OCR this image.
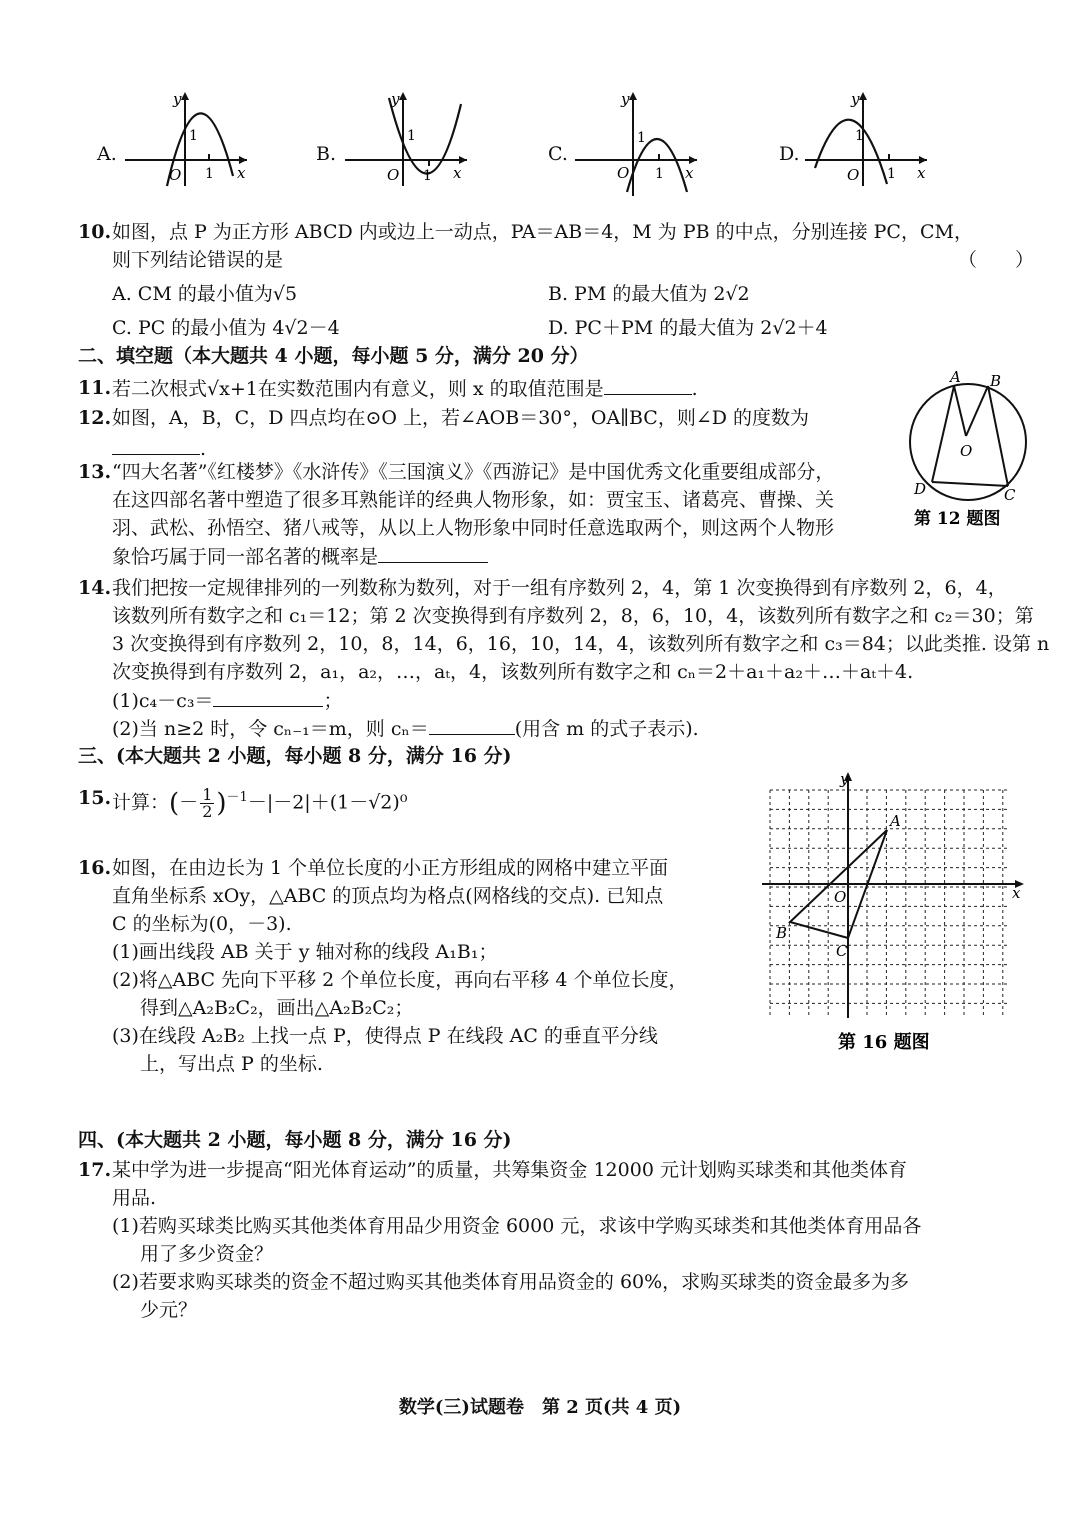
A.
y
1
O 1 x
B.
y
1
O 1 x
C.
y
1
O 1 x
D.
y
1
O 1 x
10. 如图，点 P 为正方形 ABCD 内或边上一动点，PA＝AB＝4，M 为 PB 的中点，分别连接 PC，CM，
则下列结论错误的是	（　　）
A. CM 的最小值为√5	B. PM 的最大值为 2√2
C. PC 的最小值为 4√2－4	D. PC＋PM 的最大值为 2√2＋4
二、填空题（本大题共 4 小题，每小题 5 分，满分 20 分）
11. 若二次根式√x+1在实数范围内有意义，则 x 的取值范围是	.
12. 如图，A，B，C，D 四点均在⊙O 上，若∠AOB＝30°，OA∥BC，则∠D 的度数为
.
A B
O
D	C
第 12 题图
13. “四大名著”《红楼梦》《水浒传》《三国演义》《西游记》是中国优秀文化重要组成部分，
在这四部名著中塑造了很多耳熟能详的经典人物形象，如：贾宝玉、诸葛亮、曹操、关
羽、武松、孙悟空、猪八戒等，从以上人物形象中同时任意选取两个，则这两个人物形
象恰巧属于同一部名著的概率是
14. 我们把按一定规律排列的一列数称为数列，对于一组有序数列 2，4，第 1 次变换得到有序数列 2，6，4，
该数列所有数字之和 c₁＝12；第 2 次变换得到有序数列 2，8，6，10，4，该数列所有数字之和 c₂＝30；第
3 次变换得到有序数列 2，10，8，14，6，16，10，14，4，该数列所有数字之和 c₃＝84；以此类推. 设第 n
次变换得到有序数列 2，a₁，a₂，…，aₜ，4，该数列所有数字之和 cₙ＝2＋a₁＋a₂＋…＋aₜ＋4.
(1)c₄－c₃＝	；
(2)当 n≥2 时，令 cₙ₋₁＝m，则 cₙ＝	(用含 m 的式子表示).
三、(本大题共 2 小题，每小题 8 分，满分 16 分)
15. 计算：(－ $\frac{1}{2} )^{-1}-|-2|+(1-√2)^0$
16. 如图，在由边长为 1 个单位长度的小正方形组成的网格中建立平面
直角坐标系 xOy，△ABC 的顶点均为格点(网格线的交点). 已知点
C 的坐标为(0，－3).
(1)画出线段 AB 关于 y 轴对称的线段 A₁B₁；
(2)将△ABC 先向下平移 2 个单位长度，再向右平移 4 个单位长度，
得到△A₂B₂C₂，画出△A₂B₂C₂；
(3)在线段 A₂B₂ 上找一点 P，使得点 P 在线段 AC 的垂直平分线
上，写出点 P 的坐标.
y
x
O
A
B
C
第 16 题图
四、(本大题共 2 小题，每小题 8 分，满分 16 分)
17. 某中学为进一步提高“阳光体育运动”的质量，共筹集资金 12000 元计划购买球类和其他类体育
用品.
(1)若购买球类比购买其他类体育用品少用资金 6000 元，求该中学购买球类和其他类体育用品各
用了多少资金？
(2)若要求购买球类的资金不超过购买其他类体育用品资金的 60%，求购买球类的资金最多为多
少元？
数学(三)试题卷　第 2 页(共 4 页)
